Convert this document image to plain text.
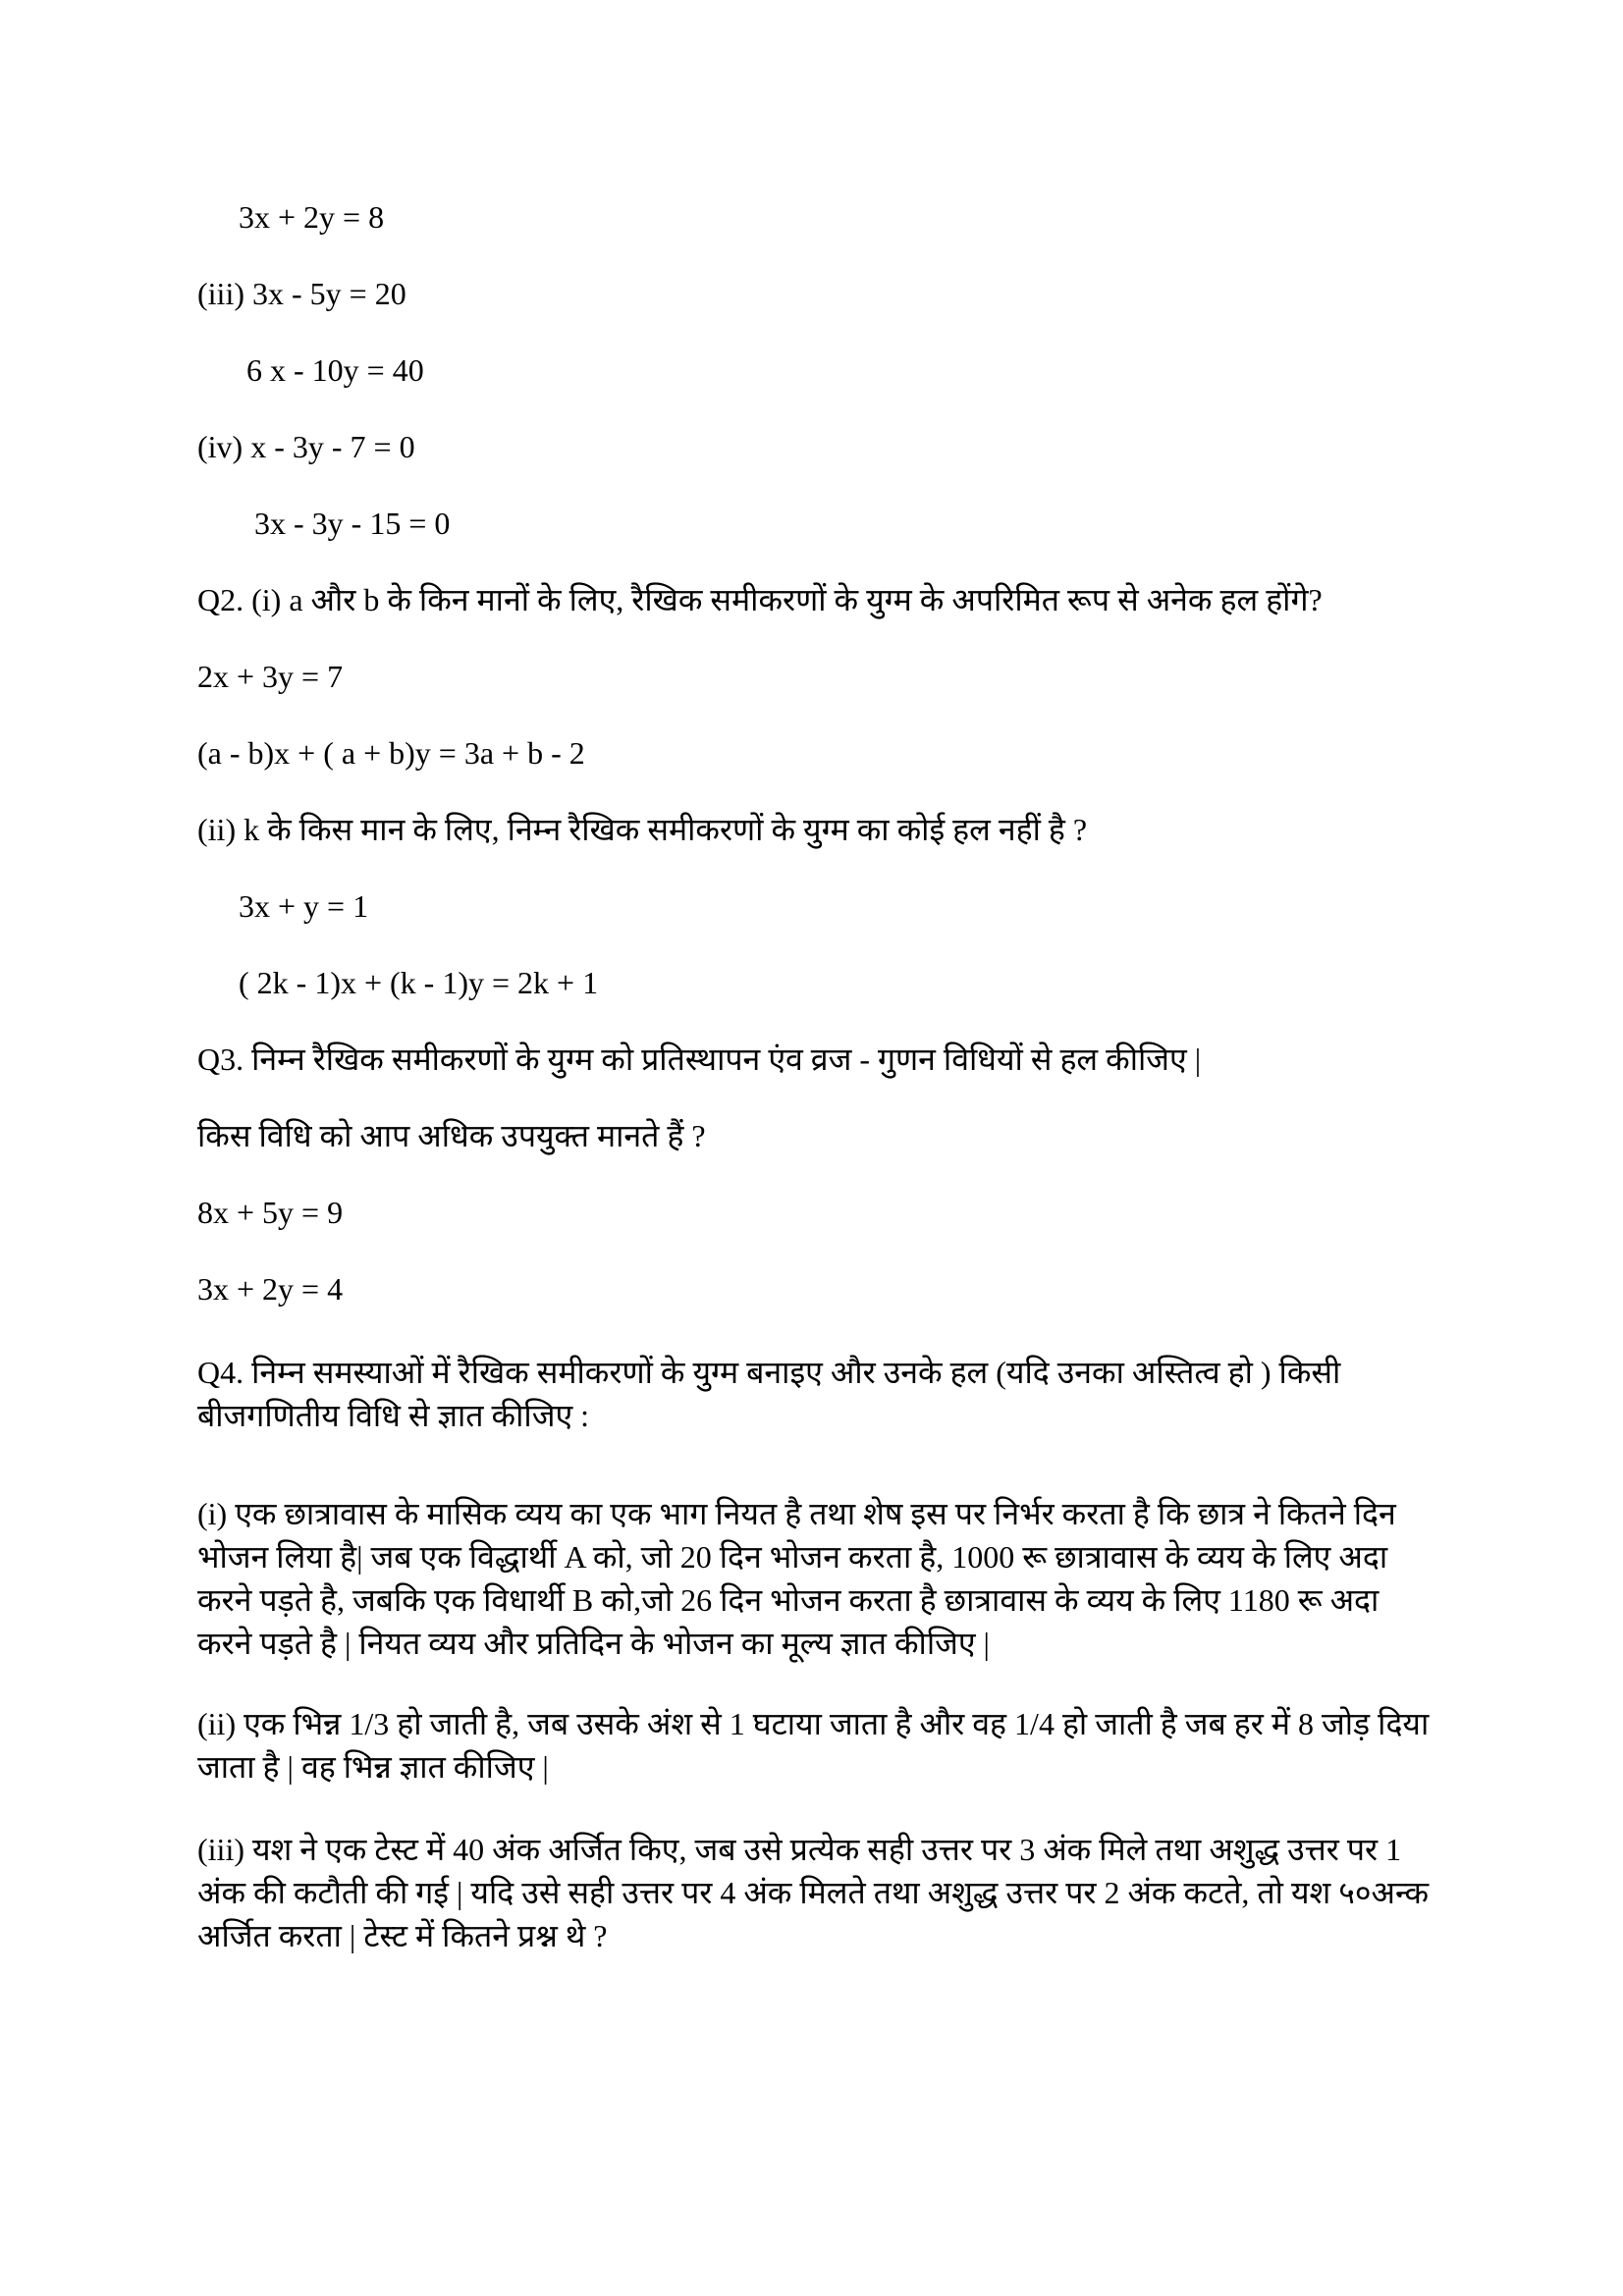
3x + 2y = 8
(iii) 3x - 5y = 20
6 x - 10y = 40
(iv) x - 3y - 7 = 0
3x - 3y - 15 = 0
Q2. (i) a और b के किन मानों के लिए, रैखिक समीकरणों के युग्म के अपरिमित रूप से अनेक हल होंगे?
2x + 3y = 7
(a - b)x + ( a + b)y = 3a + b - 2
(ii) k के किस मान के लिए, निम्न रैखिक समीकरणों के युग्म का कोई हल नहीं है ?
3x + y = 1
( 2k - 1)x + (k - 1)y = 2k + 1
Q3. निम्न रैखिक समीकरणों के युग्म को प्रतिस्थापन एंव व्रज - गुणन विधियों से हल कीजिए |
किस विधि को आप अधिक उपयुक्त मानते हैं ?
8x + 5y = 9
3x + 2y = 4
Q4. निम्न समस्याओं में रैखिक समीकरणों के युग्म बनाइए और उनके हल (यदि उनका अस्तित्व हो ) किसी बीजगणितीय विधि से ज्ञात कीजिए :
(i) एक छात्रावास के मासिक व्यय का एक भाग नियत है तथा शेष इस पर निर्भर करता है कि छात्र ने कितने दिन भोजन लिया है| जब एक विद्धार्थी A को, जो 20 दिन भोजन करता है, 1000 रू छात्रावास के व्यय के लिए अदा करने पड़ते है, जबकि एक विधार्थी B को,जो 26 दिन भोजन करता है छात्रावास के व्यय के लिए 1180 रू अदा करने पड़ते है | नियत व्यय और प्रतिदिन के भोजन का मूल्य ज्ञात कीजिए |
(ii) एक भिन्न 1/3 हो जाती है, जब उसके अंश से 1 घटाया जाता है और वह 1/4 हो जाती है जब हर में 8 जोड़ दिया जाता है | वह भिन्न ज्ञात कीजिए |
(iii) यश ने एक टेस्ट में 40 अंक अर्जित किए, जब उसे प्रत्येक सही उत्तर पर 3 अंक मिले तथा अशुद्ध उत्तर पर 1 अंक की कटौती की गई | यदि उसे सही उत्तर पर 4 अंक मिलते तथा अशुद्ध उत्तर पर 2 अंक कटते, तो यश ५०अन्क अर्जित करता | टेस्ट में कितने प्रश्न थे ?
